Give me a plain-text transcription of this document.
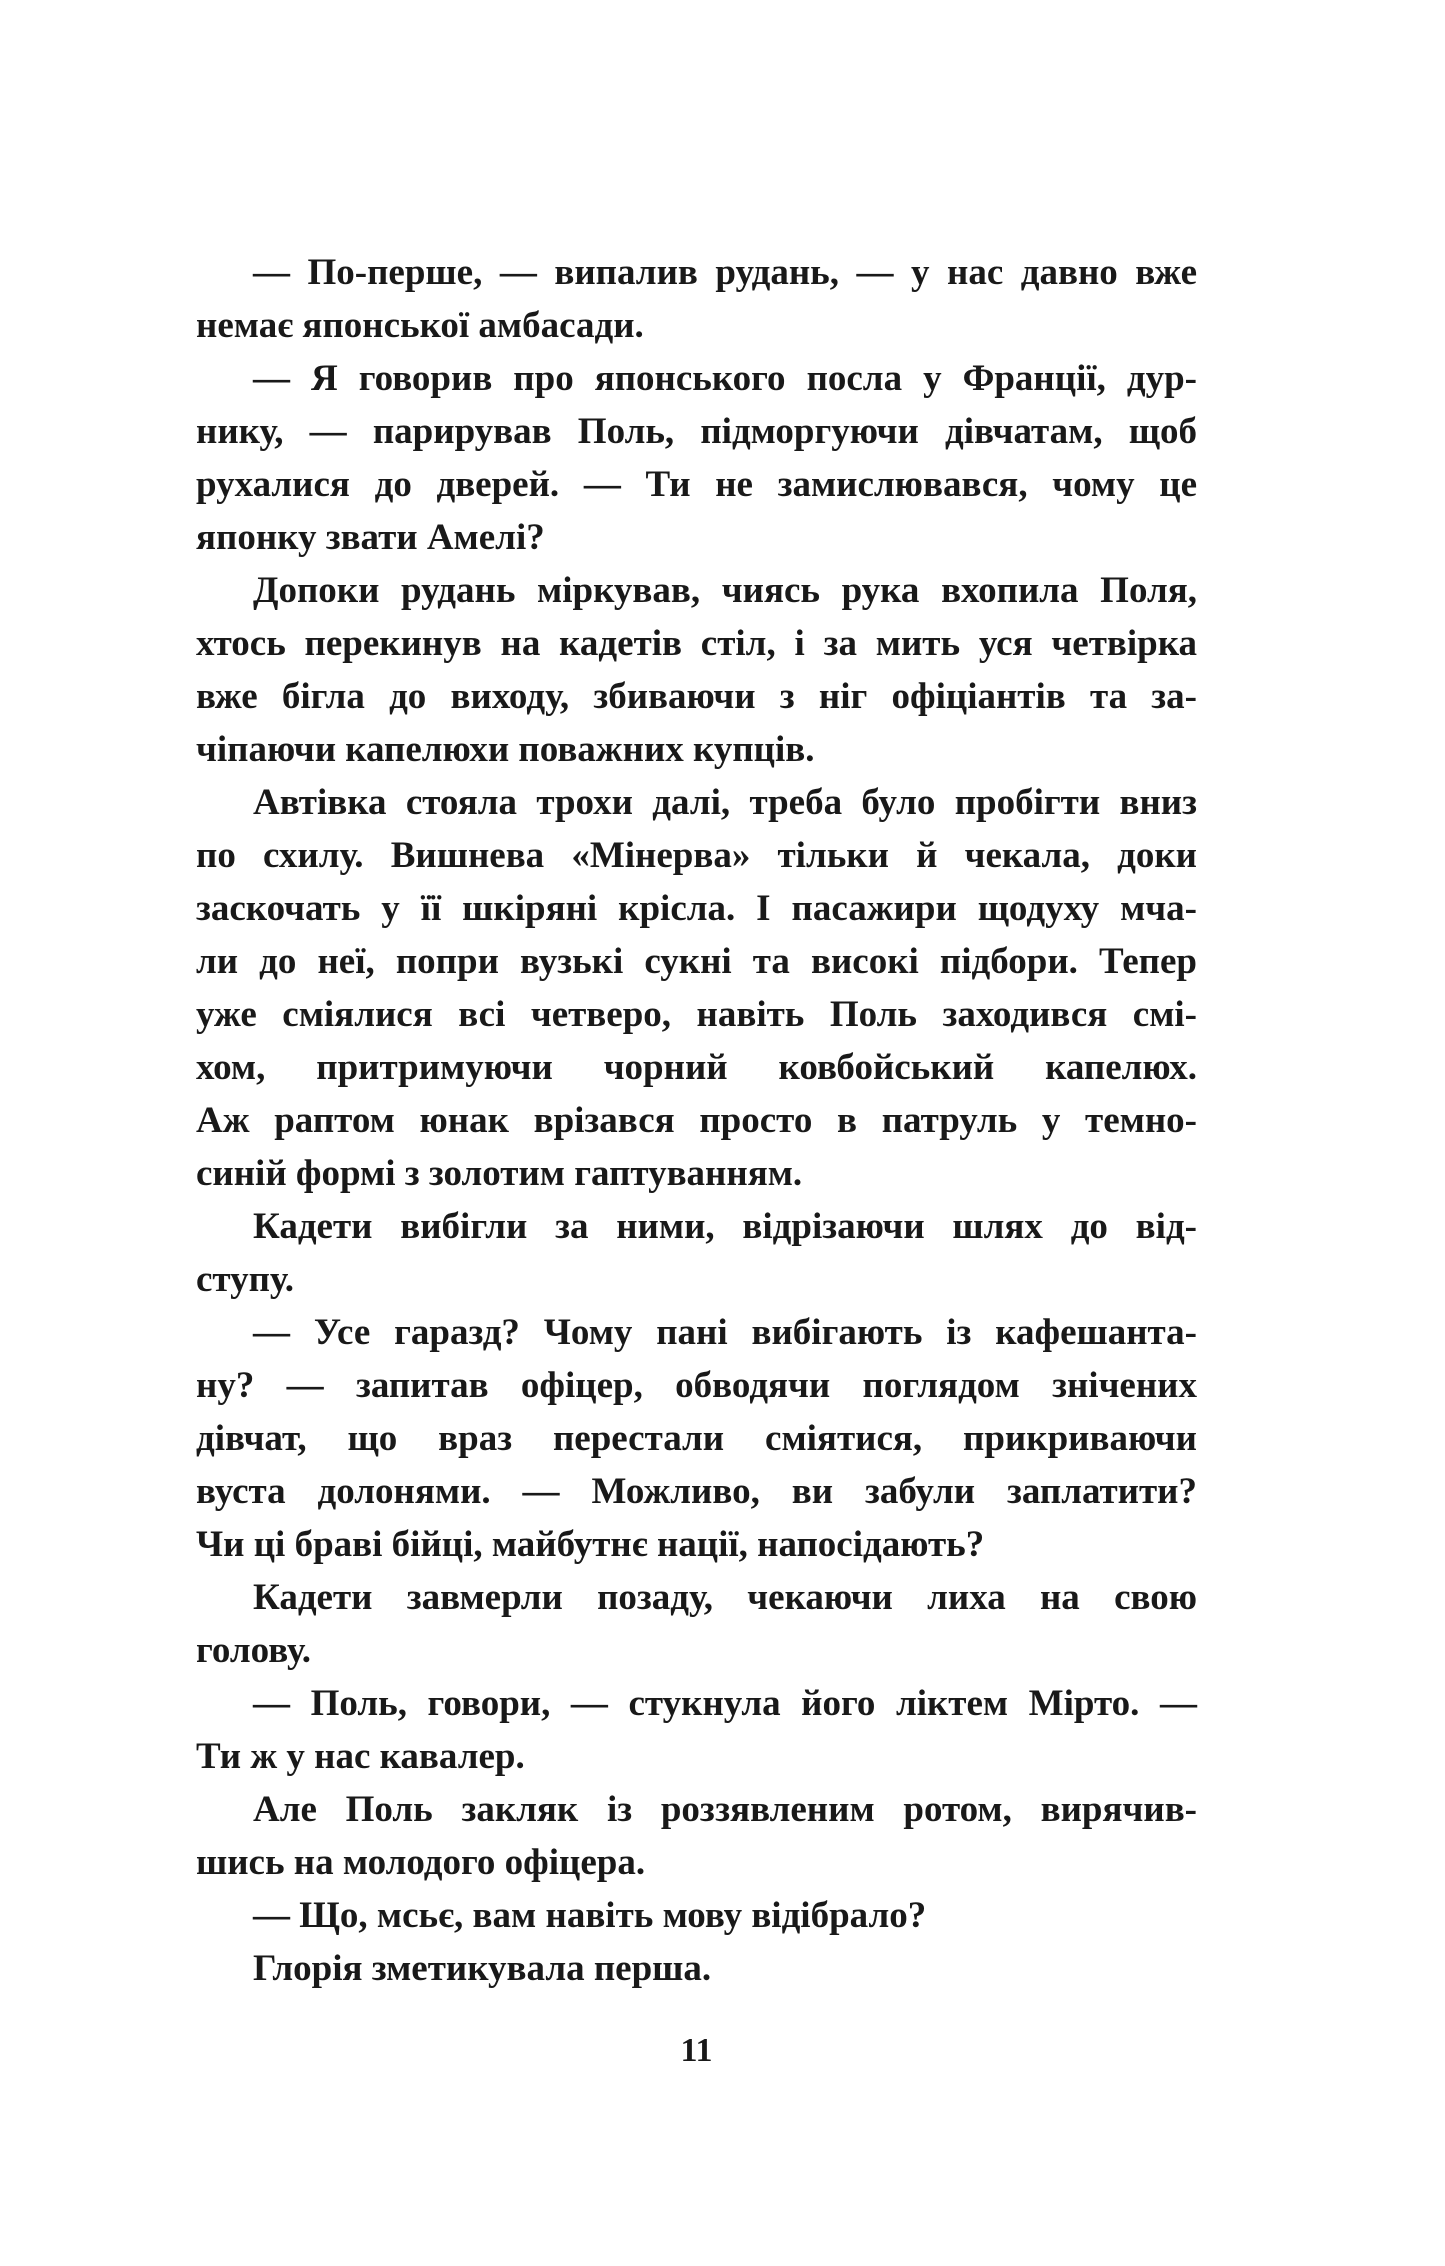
— По-перше, — випалив рудань, — у нас давно вже
немає японської амбасади.
— Я говорив про японського посла у Франції, дур-
нику, — парирував Поль, підморгуючи дівчатам, щоб
рухалися до дверей. — Ти не замислювався, чому це
японку звати Амелі?
Допоки рудань міркував, чиясь рука вхопила Поля,
хтось перекинув на кадетів стіл, і за мить уся четвірка
вже бігла до виходу, збиваючи з ніг офіціантів та за-
чіпаючи капелюхи поважних купців.
Автівка стояла трохи далі, треба було пробігти вниз
по схилу. Вишнева «Мінерва» тільки й чекала, доки
заскочать у її шкіряні крісла. І пасажири щодуху мча-
ли до неї, попри вузькі сукні та високі підбори. Тепер
уже сміялися всі четверо, навіть Поль заходився смі-
хом, притримуючи чорний ковбойський капелюх.
Аж раптом юнак врізався просто в патруль у темно-
синій формі з золотим гаптуванням.
Кадети вибігли за ними, відрізаючи шлях до від-
ступу.
— Усе гаразд? Чому пані вибігають із кафешанта-
ну? — запитав офіцер, обводячи поглядом знічених
дівчат, що враз перестали сміятися, прикриваючи
вуста долонями. — Можливо, ви забули заплатити?
Чи ці браві бійці, майбутнє нації, напосідають?
Кадети завмерли позаду, чекаючи лиха на свою
голову.
— Поль, говори, — стукнула його ліктем Мірто. —
Ти ж у нас кавалер.
Але Поль закляк із роззявленим ротом, вирячив-
шись на молодого офіцера.
— Що, мсьє, вам навіть мову відібрало?
Глорія зметикувала перша.
11
